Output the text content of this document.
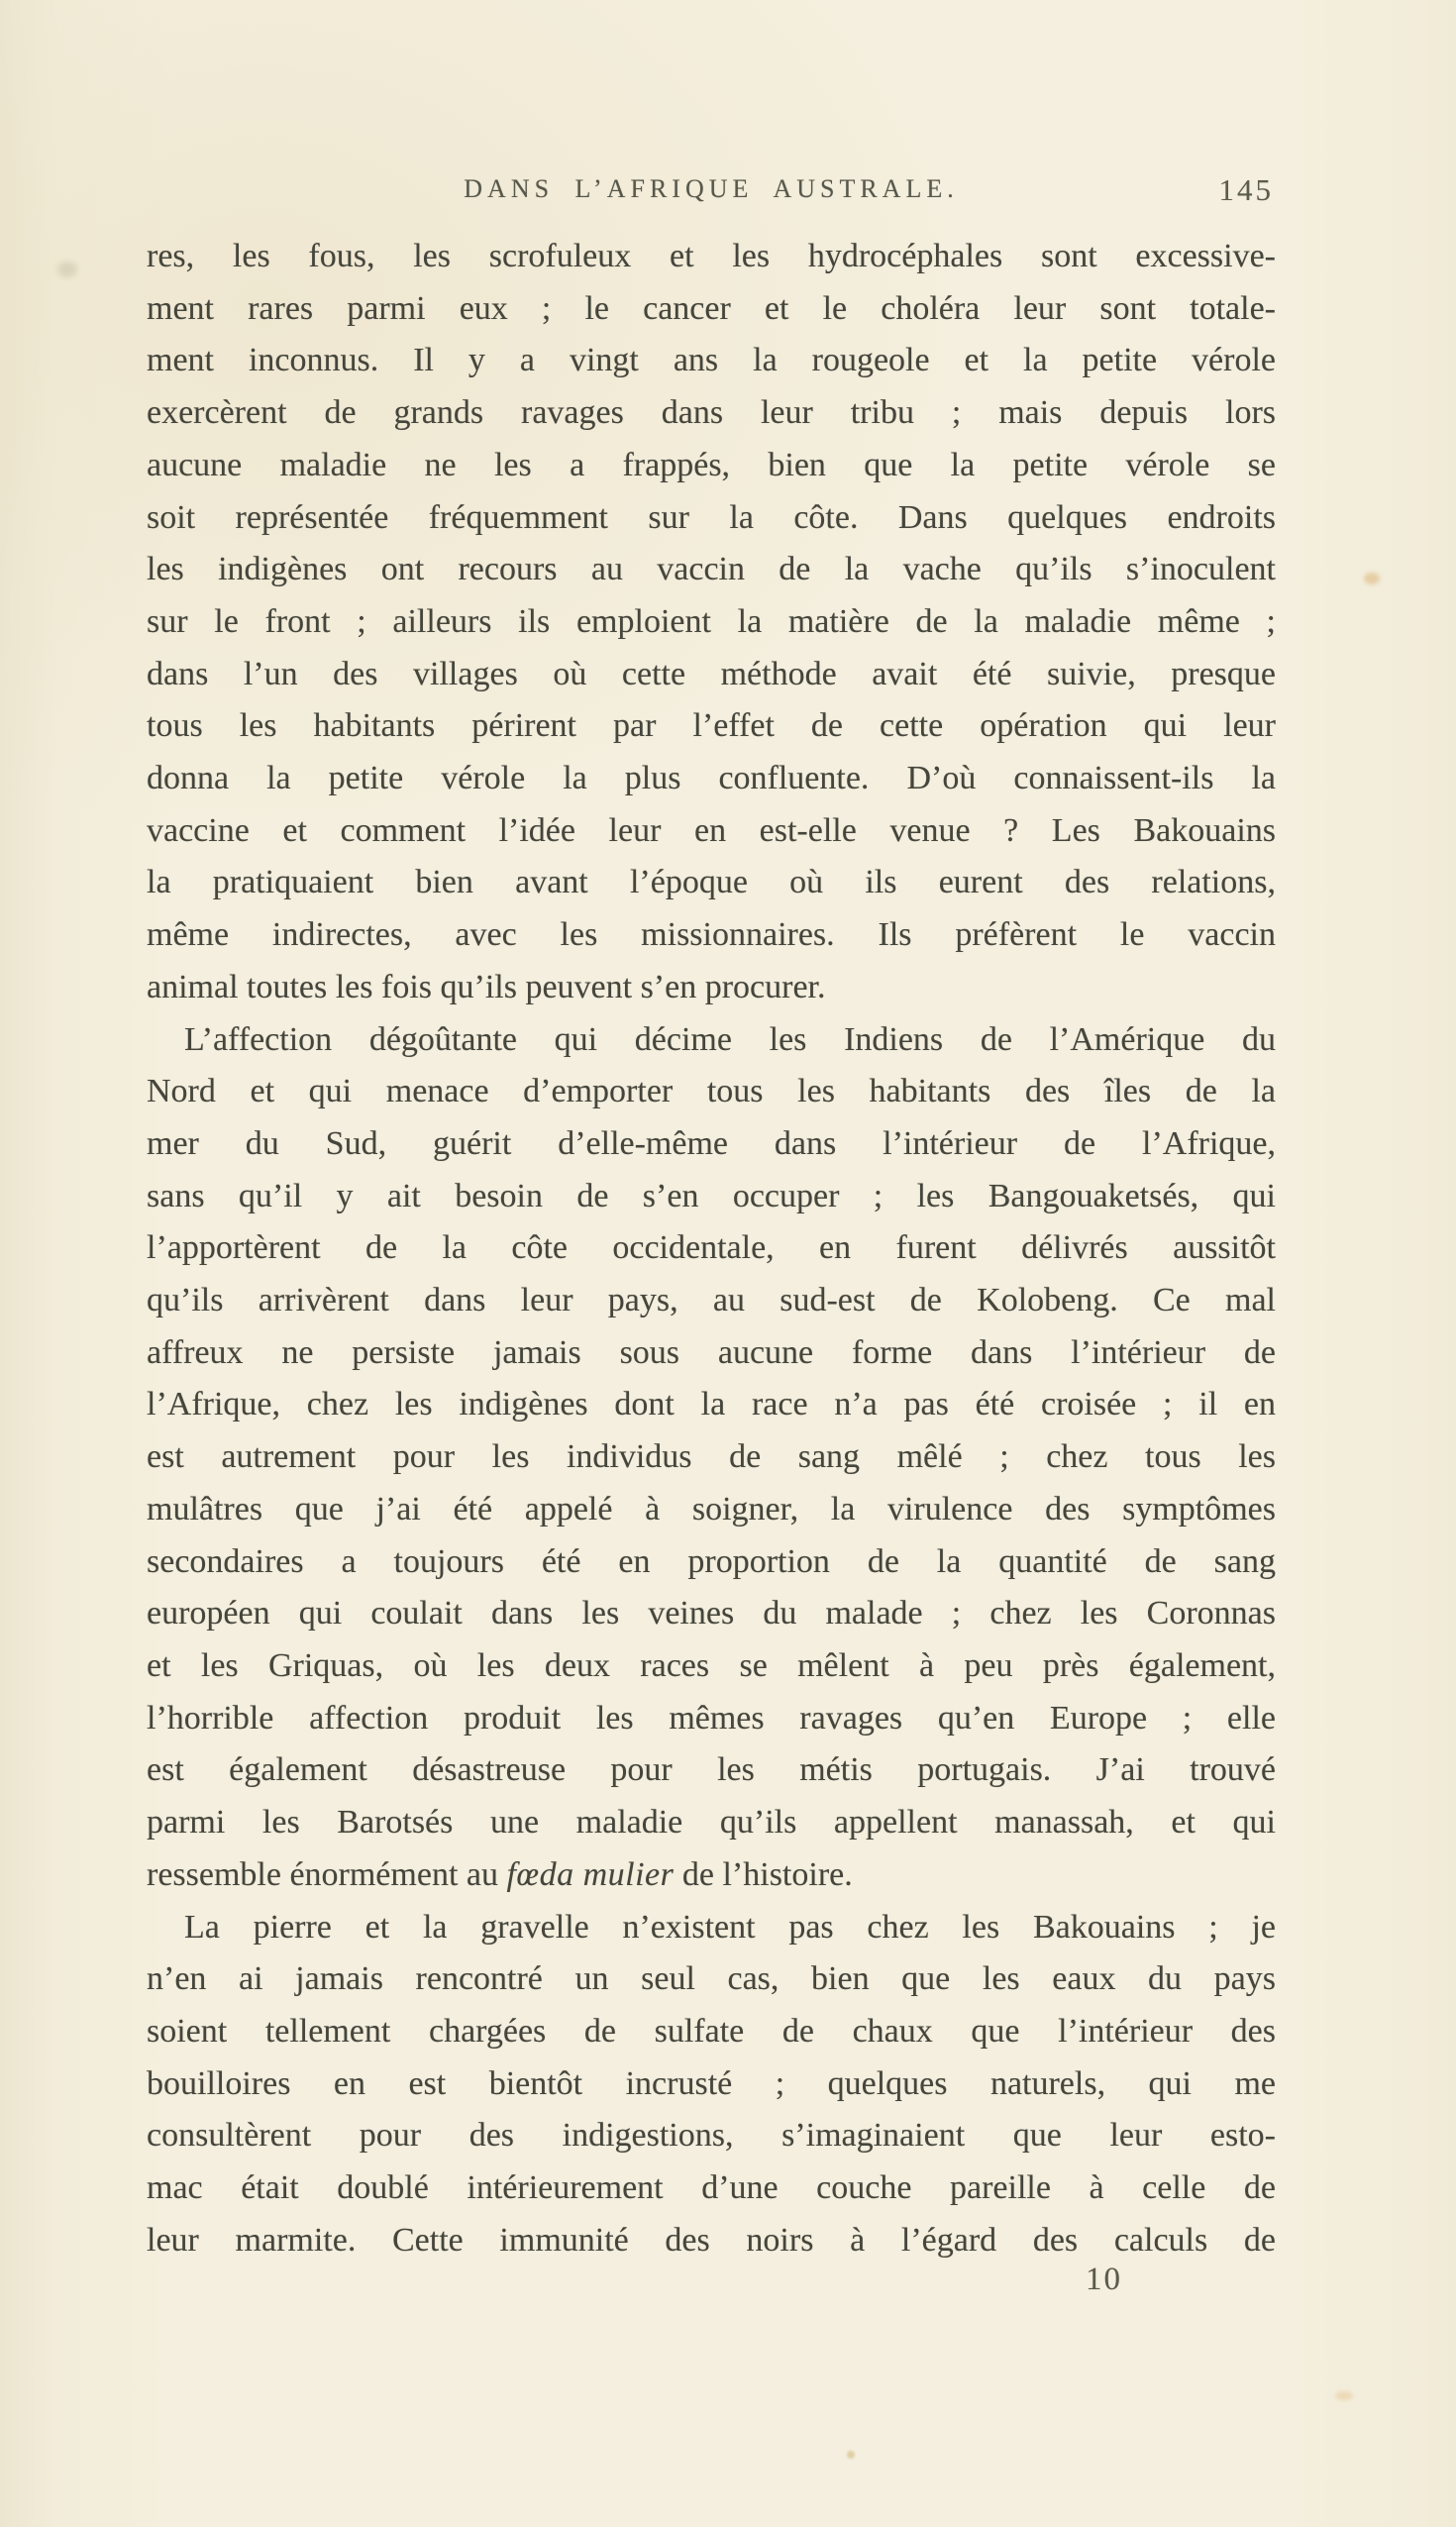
DANS L’AFRIQUE AUSTRALE.	145
res, les fous, les scrofuleux et les hydrocéphales sont excessive-
ment rares parmi eux ; le cancer et le choléra leur sont totale-
ment inconnus. Il y a vingt ans la rougeole et la petite vérole
exercèrent de grands ravages dans leur tribu ; mais depuis lors
aucune maladie ne les a frappés, bien que la petite vérole se
soit représentée fréquemment sur la côte. Dans quelques endroits
les indigènes ont recours au vaccin de la vache qu’ils s’inoculent
sur le front ; ailleurs ils emploient la matière de la maladie même ;
dans l’un des villages où cette méthode avait été suivie, presque
tous les habitants périrent par l’effet de cette opération qui leur
donna la petite vérole la plus confluente. D’où connaissent-ils la
vaccine et comment l’idée leur en est-elle venue ? Les Bakouains
la pratiquaient bien avant l’époque où ils eurent des relations,
même indirectes, avec les missionnaires. Ils préfèrent le vaccin
animal toutes les fois qu’ils peuvent s’en procurer.
L’affection dégoûtante qui décime les Indiens de l’Amérique du
Nord et qui menace d’emporter tous les habitants des îles de la
mer du Sud, guérit d’elle-même dans l’intérieur de l’Afrique,
sans qu’il y ait besoin de s’en occuper ; les Bangouaketsés, qui
l’apportèrent de la côte occidentale, en furent délivrés aussitôt
qu’ils arrivèrent dans leur pays, au sud-est de Kolobeng. Ce mal
affreux ne persiste jamais sous aucune forme dans l’intérieur de
l’Afrique, chez les indigènes dont la race n’a pas été croisée ; il en
est autrement pour les individus de sang mêlé ; chez tous les
mulâtres que j’ai été appelé à soigner, la virulence des symptômes
secondaires a toujours été en proportion de la quantité de sang
européen qui coulait dans les veines du malade ; chez les Coronnas
et les Griquas, où les deux races se mêlent à peu près également,
l’horrible affection produit les mêmes ravages qu’en Europe ; elle
est également désastreuse pour les métis portugais. J’ai trouvé
parmi les Barotsés une maladie qu’ils appellent manassah, et qui
ressemble énormément au fœda mulier de l’histoire.
La pierre et la gravelle n’existent pas chez les Bakouains ; je
n’en ai jamais rencontré un seul cas, bien que les eaux du pays
soient tellement chargées de sulfate de chaux que l’intérieur des
bouilloires en est bientôt incrusté ; quelques naturels, qui me
consultèrent pour des indigestions, s’imaginaient que leur esto-
mac était doublé intérieurement d’une couche pareille à celle de
leur marmite. Cette immunité des noirs à l’égard des calculs de
10
